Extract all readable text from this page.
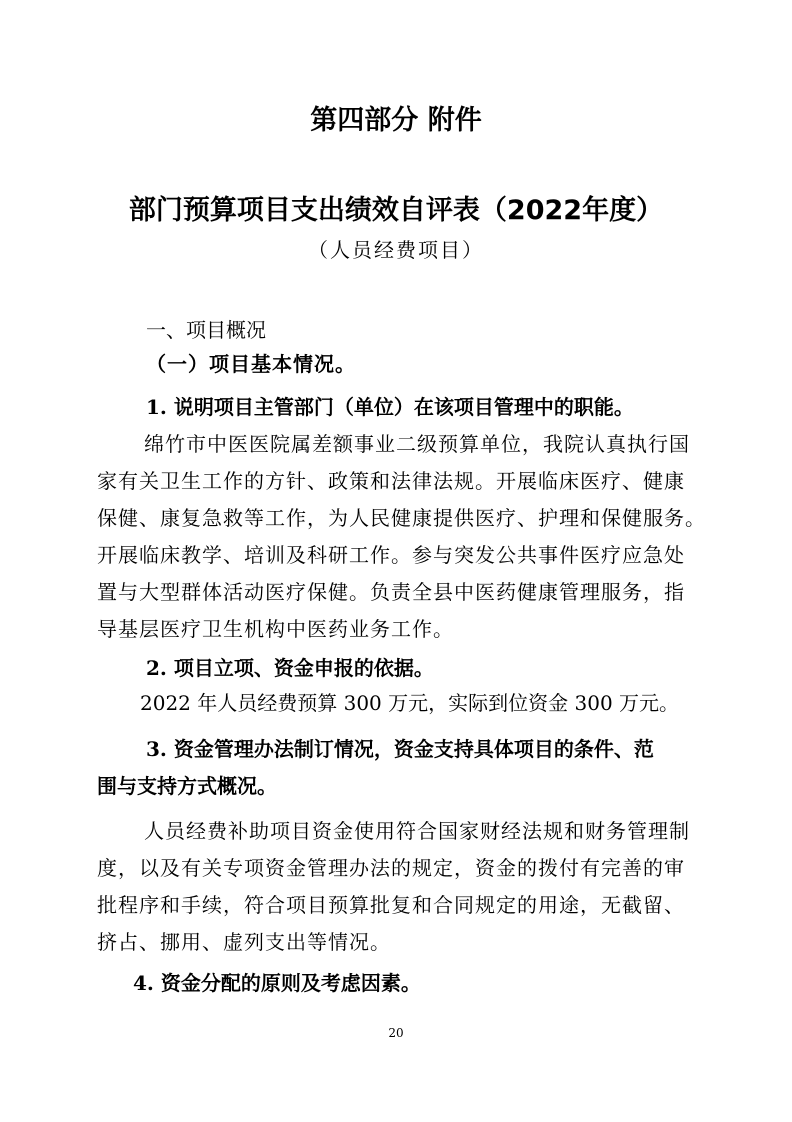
第四部分 附件
部门预算项目支出绩效自评表（2022年度）
（人员经费项目）
一、项目概况
（一）项目基本情况。
1. 说明项目主管部门（单位）在该项目管理中的职能。
绵竹市中医医院属差额事业二级预算单位，我院认真执行国
家有关卫生工作的方针、政策和法律法规。开展临床医疗、健康
保健、康复急救等工作，为人民健康提供医疗、护理和保健服务。
开展临床教学、培训及科研工作。参与突发公共事件医疗应急处
置与大型群体活动医疗保健。负责全县中医药健康管理服务，指
导基层医疗卫生机构中医药业务工作。
2. 项目立项、资金申报的依据。
2022 年人员经费预算 300 万元，实际到位资金 300 万元。
3. 资金管理办法制订情况，资金支持具体项目的条件、范
围与支持方式概况。
人员经费补助项目资金使用符合国家财经法规和财务管理制
度，以及有关专项资金管理办法的规定，资金的拨付有完善的审
批程序和手续，符合项目预算批复和合同规定的用途，无截留、
挤占、挪用、虚列支出等情况。
4. 资金分配的原则及考虑因素。
20
